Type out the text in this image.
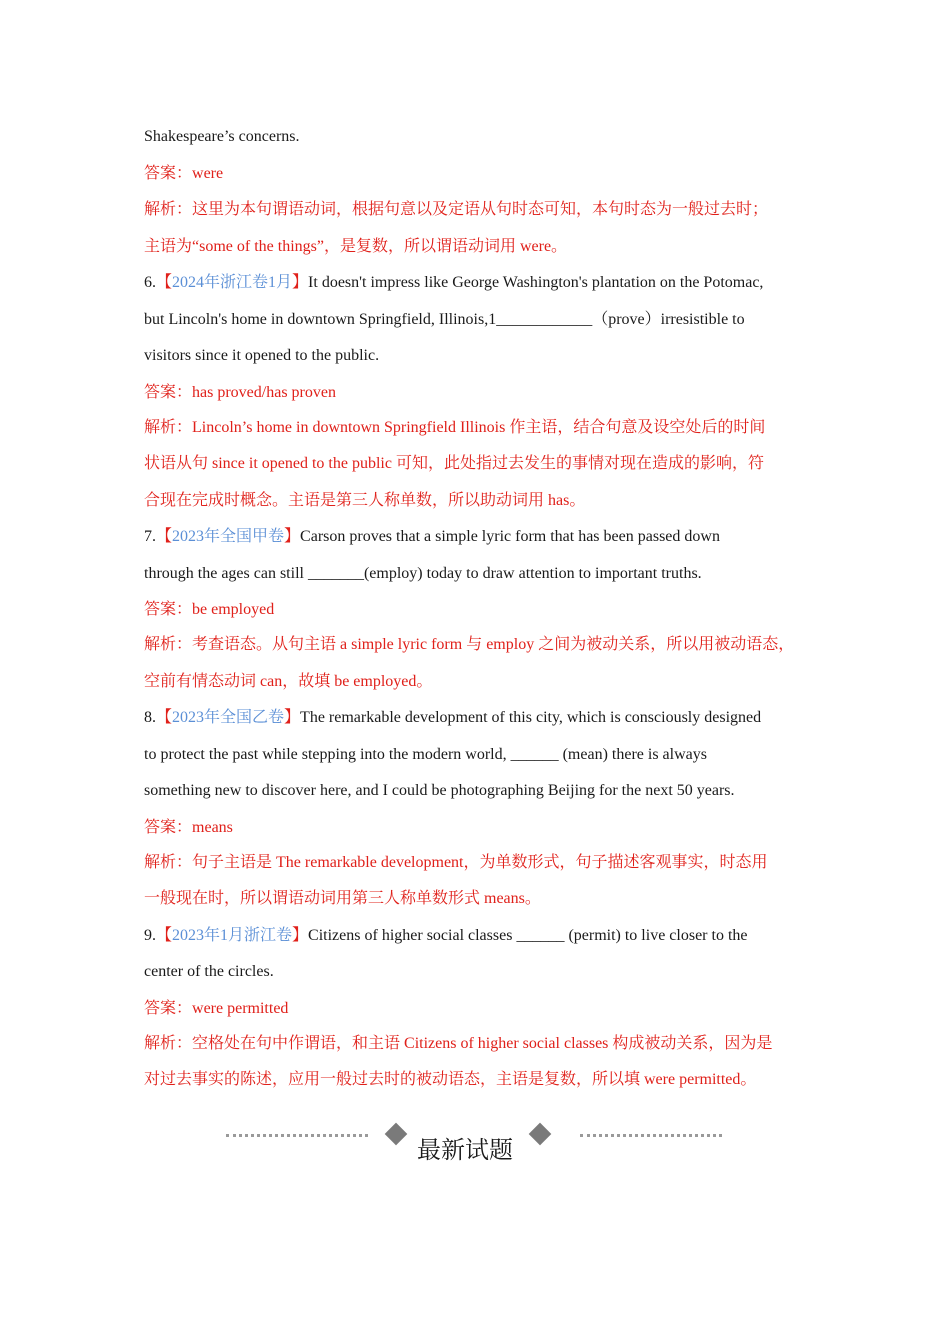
Shakespeare’s concerns.
答案：were
解析：这里为本句谓语动词，根据句意以及定语从句时态可知，本句时态为一般过去时；
主语为“some of the things”，是复数，所以谓语动词用 were。
6.【2024年浙江卷1月】It doesn't impress like George Washington's plantation on the Potomac,
but Lincoln's home in downtown Springfield, Illinois,1____________（prove）irresistible to
visitors since it opened to the public.
答案：has proved/has proven
解析：Lincoln’s home in downtown Springfield Illinois 作主语，结合句意及设空处后的时间
状语从句 since it opened to the public 可知，此处指过去发生的事情对现在造成的影响，符
合现在完成时概念。主语是第三人称单数，所以助动词用 has。
7.【2023年全国甲卷】Carson proves that a simple lyric form that has been passed down
through the ages can still _______(employ) today to draw attention to important truths.
答案：be employed
解析：考查语态。从句主语 a simple lyric form 与 employ 之间为被动关系，所以用被动语态，
空前有情态动词 can，故填 be employed。
8.【2023年全国乙卷】The remarkable development of this city, which is consciously designed
to protect the past while stepping into the modern world, ______ (mean) there is always
something new to discover here, and I could be photographing Beijing for the next 50 years.
答案：means
解析：句子主语是 The remarkable development，为单数形式，句子描述客观事实，时态用
一般现在时，所以谓语动词用第三人称单数形式 means。
9.【2023年1月浙江卷】Citizens of higher social classes ______ (permit) to live closer to the
center of the circles.
答案：were permitted
解析：空格处在句中作谓语，和主语 Citizens of higher social classes 构成被动关系，因为是
对过去事实的陈述，应用一般过去时的被动语态，主语是复数，所以填 were permitted。
最新试题
